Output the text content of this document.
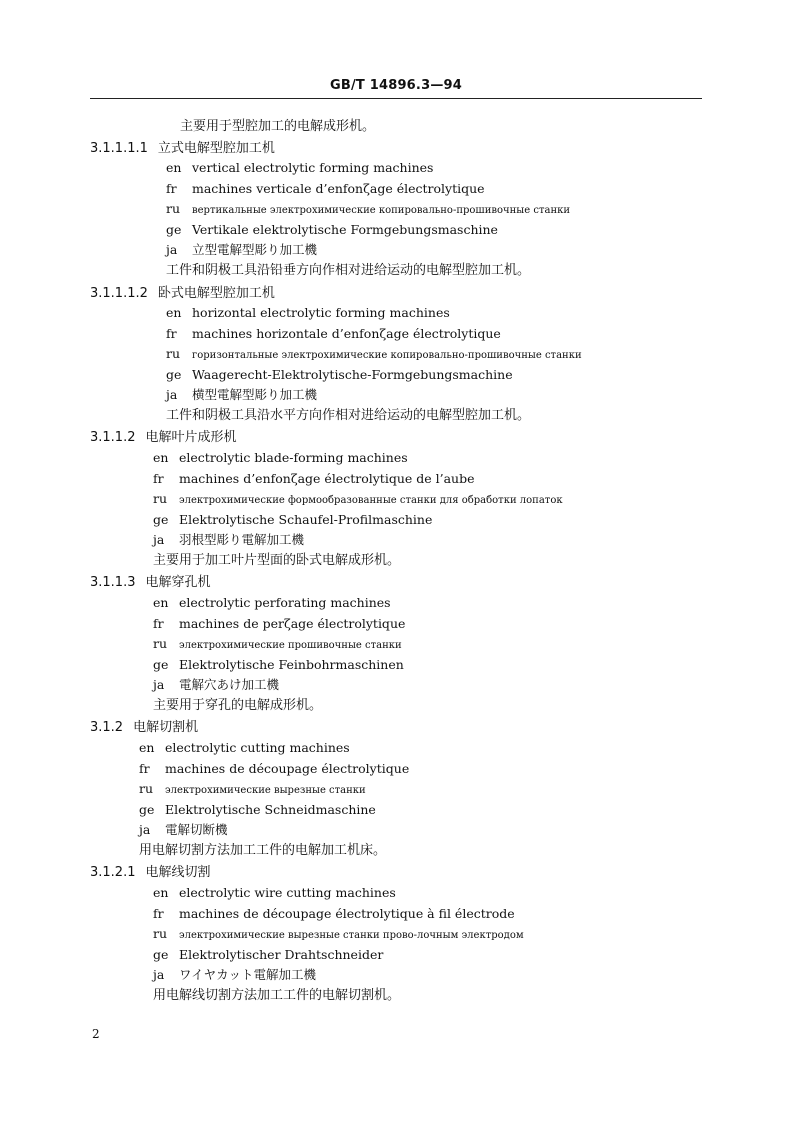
GB/T 14896.3—94
主要用于型腔加工的电解成形机。
3.1.1.1.1 立式电解型腔加工机
en vertical electrolytic forming machines
fr machines verticale d’enfonζage électrolytique
ru вертикальные электрохимические копировально-прошивочные станки
ge Vertikale elektrolytische Formgebungsmaschine
ja 立型電解型彫り加工機
工件和阴极工具沿铅垂方向作相对进给运动的电解型腔加工机。
3.1.1.1.2 卧式电解型腔加工机
en horizontal electrolytic forming machines
fr machines horizontale d’enfonζage électrolytique
ru горизонтальные электрохимические копировально-прошивочные станки
ge Waagerecht-Elektrolytische-Formgebungsmachine
ja 横型電解型彫り加工機
工件和阴极工具沿水平方向作相对进给运动的电解型腔加工机。
3.1.1.2 电解叶片成形机
en electrolytic blade-forming machines
fr machines d’enfonζage électrolytique de l’aube
ru электрохимические формообразованные станки для обработки лопаток
ge Elektrolytische Schaufel-Profilmaschine
ja 羽根型彫り電解加工機
主要用于加工叶片型面的卧式电解成形机。
3.1.1.3 电解穿孔机
en electrolytic perforating machines
fr machines de perζage électrolytique
ru электрохимические прошивочные станки
ge Elektrolytische Feinbohrmaschinen
ja 電解穴あけ加工機
主要用于穿孔的电解成形机。
3.1.2 电解切割机
en electrolytic cutting machines
fr machines de découpage électrolytique
ru электрохимические вырезные станки
ge Elektrolytische Schneidmaschine
ja 電解切断機
用电解切割方法加工工件的电解加工机床。
3.1.2.1 电解线切割
en electrolytic wire cutting machines
fr machines de découpage électrolytique à fil électrode
ru электрохимические вырезные станки прово-лочным электродом
ge Elektrolytischer Drahtschneider
ja ワイヤカット電解加工機
用电解线切割方法加工工件的电解切割机。
2
